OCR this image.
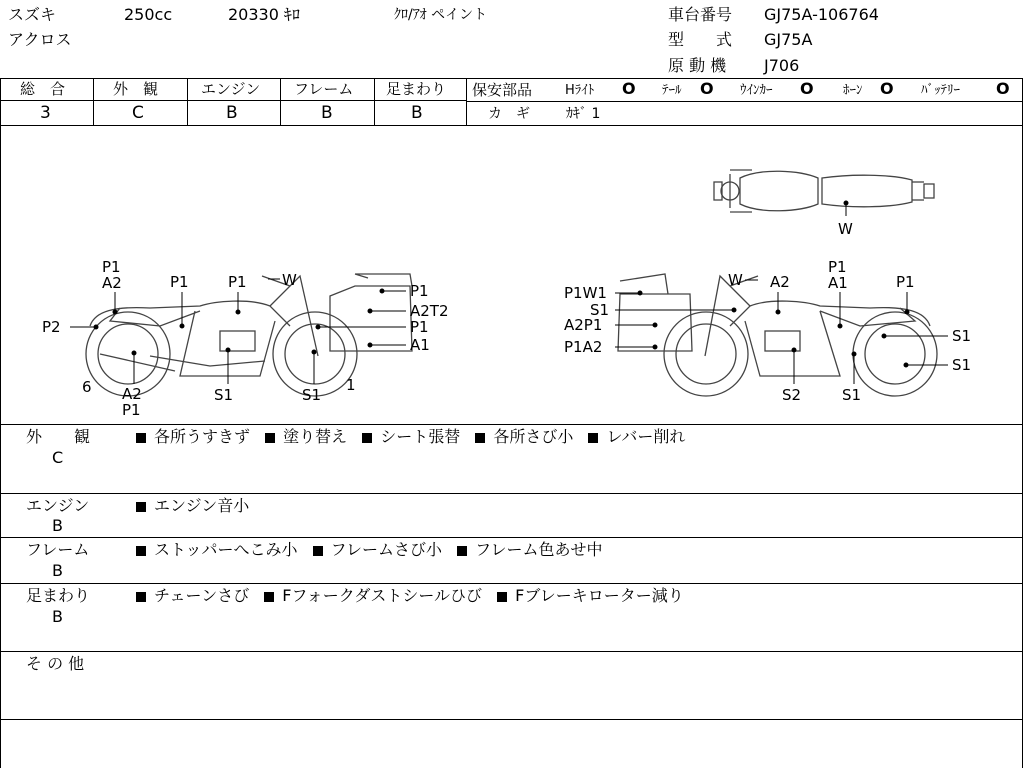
スズキ	250cc	20330 ｷﾛ	ｸﾛ/ｱｵ ペイント
アクロス
車台番号 GJ75A-106764
型　　式 GJ75A
原 動 機 J706
総　合
3
外　観
C
エンジン
B
フレーム
B
足まわり
B
保安部品	Hﾗｲﾄ O ﾃｰﾙ O ｳｲﾝｶｰ O ﾎｰﾝ O ﾊﾞｯﾃﾘｰ O
カ　ギ	ｶｷﾞ 1
W
P1
A2	P1	P1 W
P2
P1
A2T2
P1
A1
6 A2
P1
S1	S1
1
W A2
P1
A1	P1
P1W1
S1
A2P1
P1A2
S1
S1
S2	S1
外　　観
C
各所うすきず 塗り替え シート張替 各所さび小 レバー削れ
エンジン
B
エンジン音小
フレーム
B
ストッパーへこみ小 フレームさび小 フレーム色あせ中
足まわり
B
チェーンさび Fフォークダストシールひび Fブレーキローター減り
そ の 他
